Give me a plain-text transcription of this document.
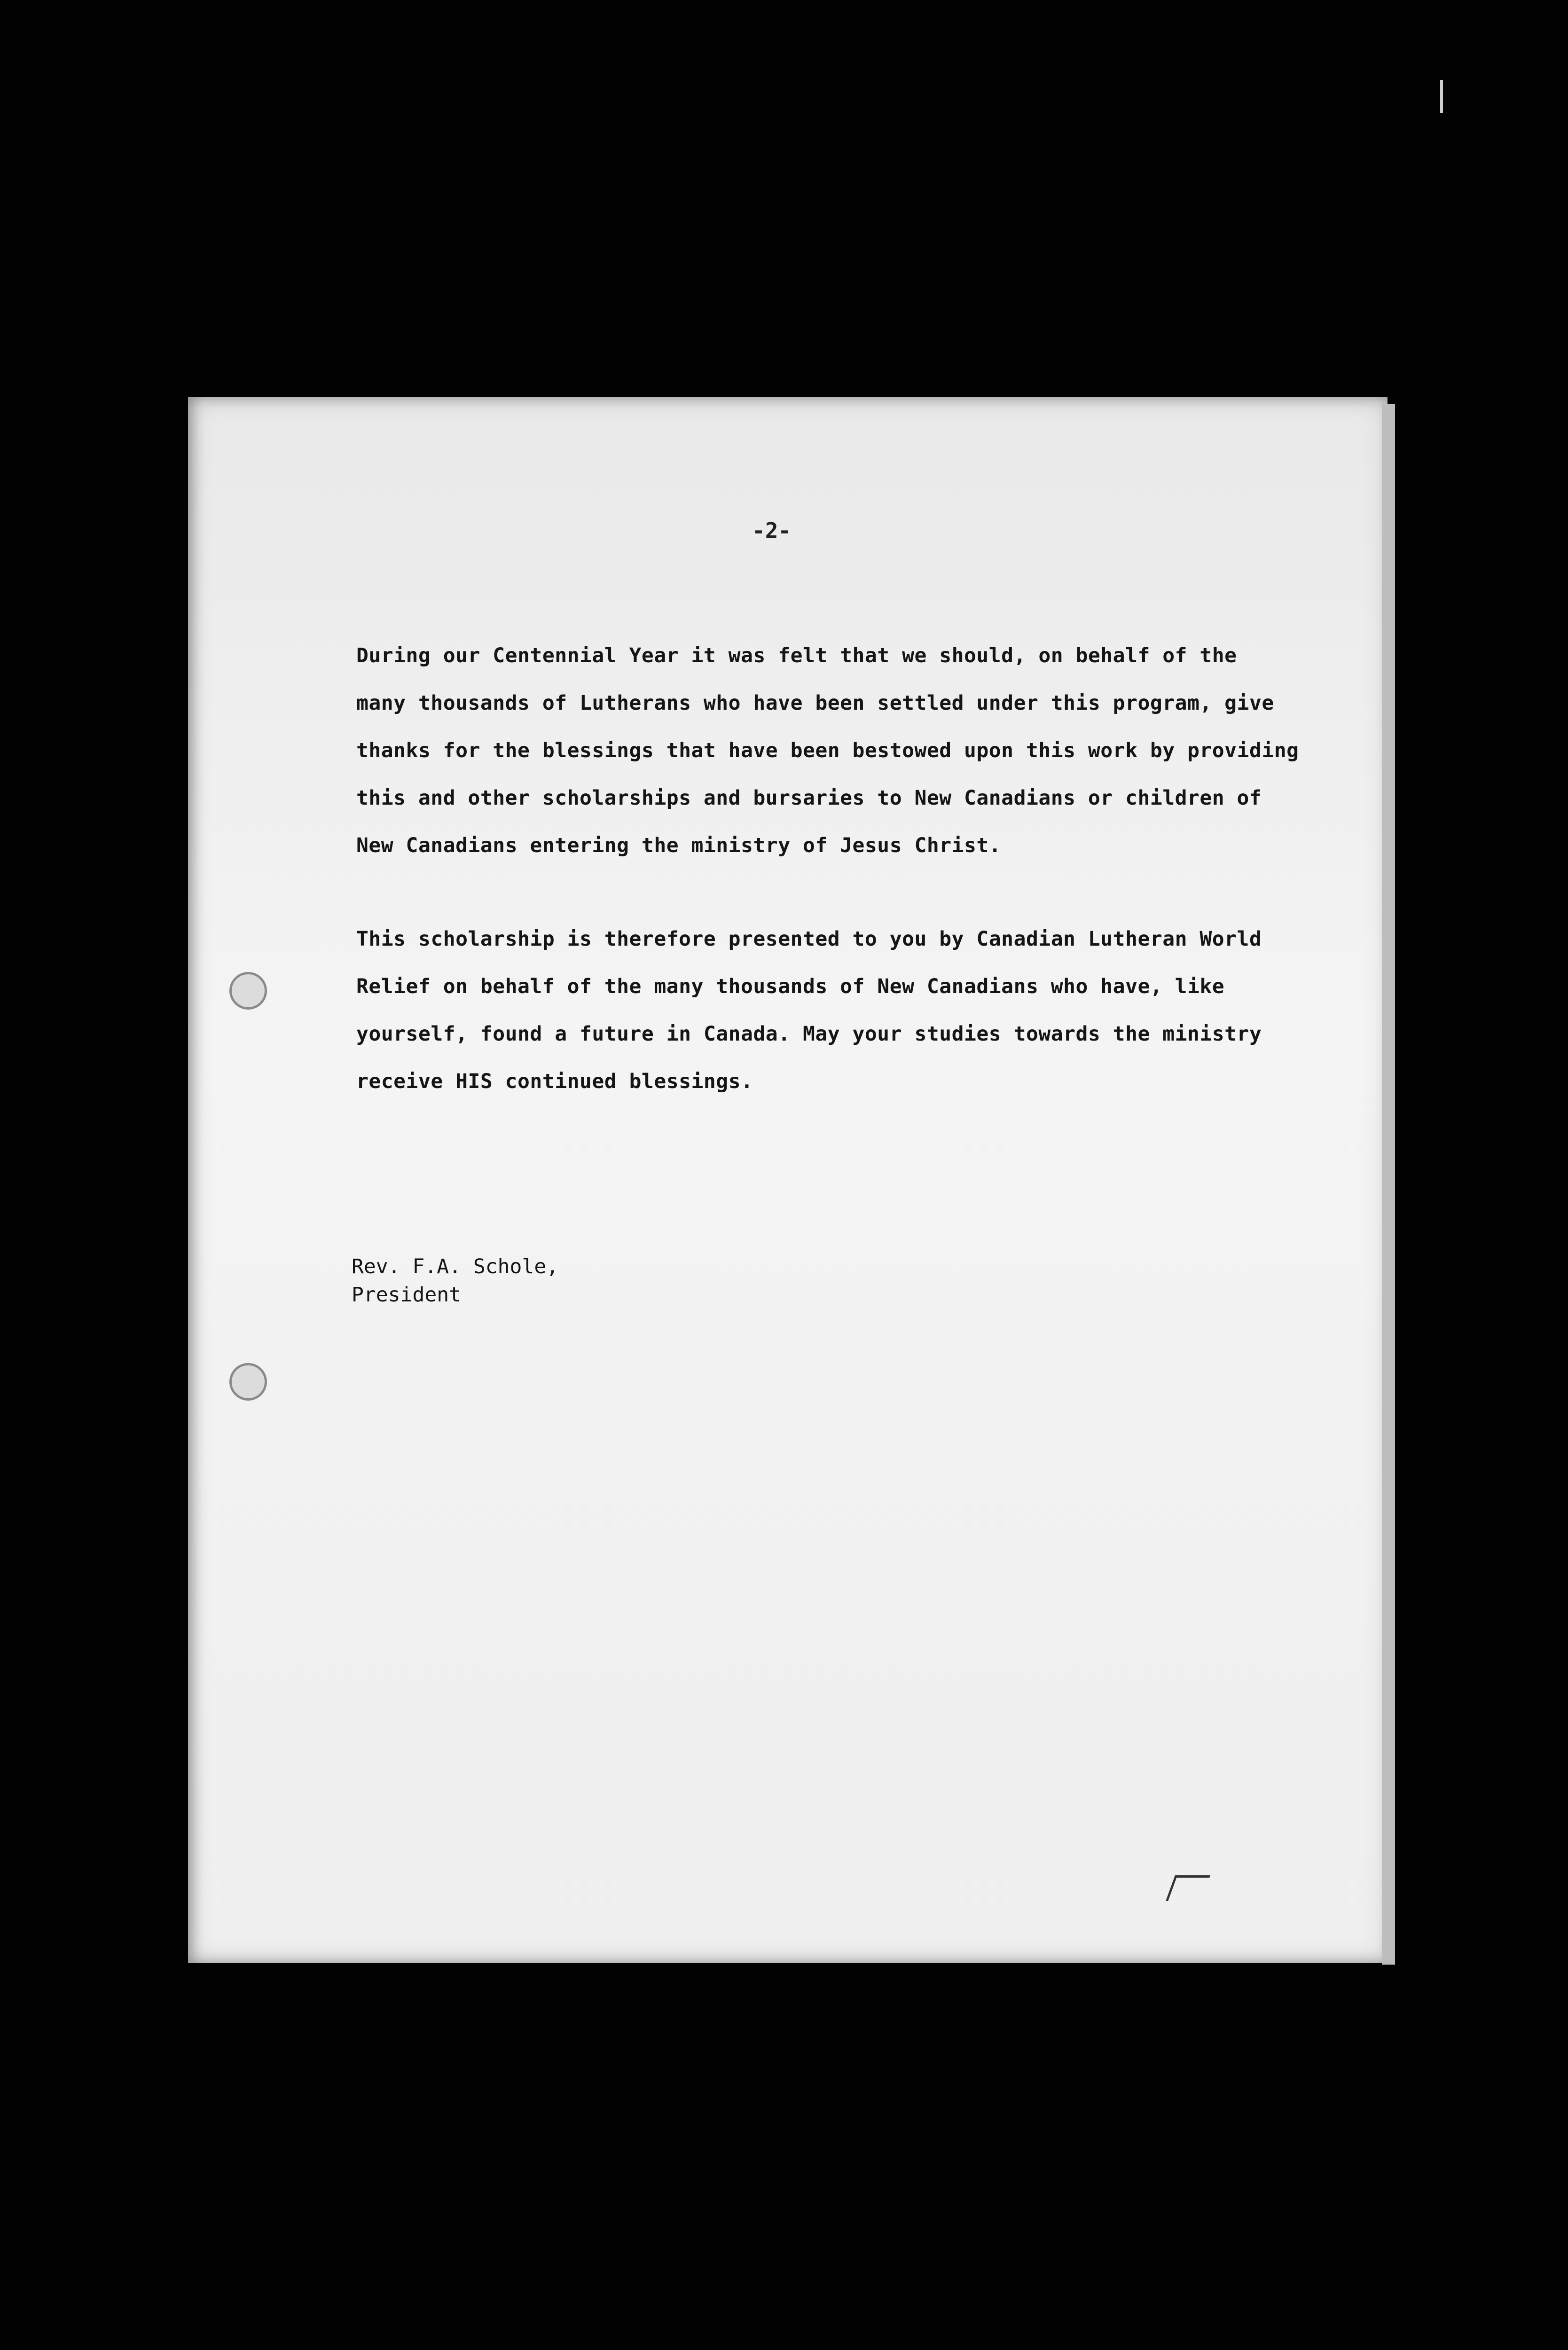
-2-
During our Centennial Year it was felt that we should, on behalf of the
many thousands of Lutherans who have been settled under this program, give
thanks for the blessings that have been bestowed upon this work by providing
this and other scholarships and bursaries to New Canadians or children of
New Canadians entering the ministry of Jesus Christ.
This scholarship is therefore presented to you by Canadian Lutheran World
Relief on behalf of the many thousands of New Canadians who have, like
yourself, found a future in Canada. May your studies towards the ministry
receive HIS continued blessings.
Rev. F.A. Schole,
President
